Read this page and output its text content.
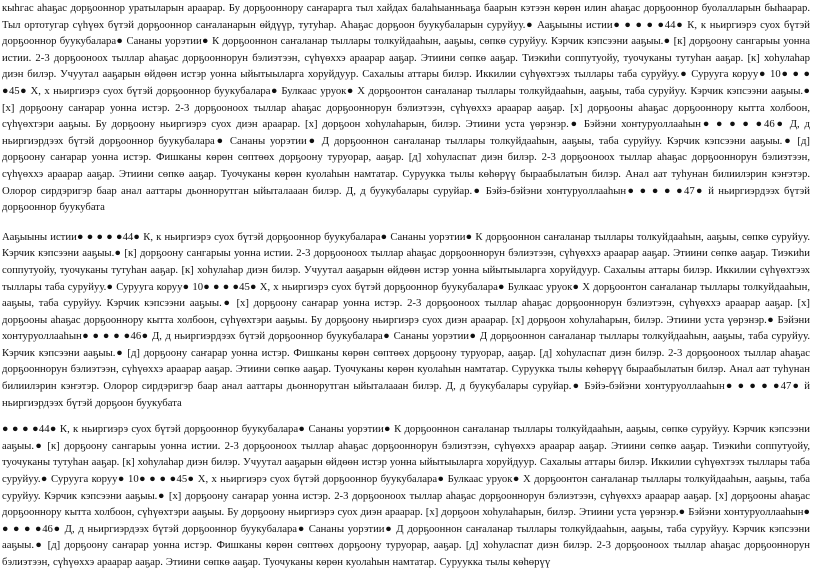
кыһгас аһаҕас дорҕооннор уратыларын араарар. Бу дорҕооннору саҥарарга тыл хайдах балаһыанньаҕа баарын кэтээн көрөн илин аһаҕас дорҕооннор буолалларын быһаарар. Тыл ортотугар сүһүөх бүтэй дорҕооннор саҥаланарын өйдүүр, тутуһар. Аһаҕас дорҕоон буукубаларын суруйуу.● Ааҕыыны истии● ● ● ● ●44● К, к ньиргиэрэ суох бүтэй дорҕооннор буукубалара● Сананы уорэтии● К дорҕооннон саҥаланар тыллары толкуйдааһын, ааҕыы, сөпкө суруйуу. Кэрчик кэпсээни ааҕыы.● [к] дорҕоону сангарыы уонна истии. 2-3 дорҕооноох тыллар аһаҕас дорҕооннорун бэлиэтээн, сүһүөххэ араарар ааҕар. Этиини сөпкө ааҕар. Тиэкиһи соппутуойу, туочуканы тутуһан ааҕар. [к] хоһулаһар диэн билэр. Учуутал ааҕарын өйдөөн истэр уонна ыйытыыларга хоруйдуур. Сахалыы аттары билэр. Иккилии сүһүөхтээх тыллары таба суруйуу.● Сурууга коруу● 10● ● ● ●45● Х, х ньиргиэрэ суох бүтэй дорҕооннор буукубалара● Булкаас уруок● Х дорҕоонтон саҥаланар тыллары толкуйдааһын, ааҕыы, таба суруйуу. Кэрчик кэпсээни ааҕыы.● [х] дорҕоону саҥарар уонна истэр. 2-3 дорҕооноох тыллар аһаҕас дорҕооннорун бэлиэтээн, сүһүөххэ араарар ааҕар. [х] дорҕооны аһаҕас дорҕооннору кытта холбоон, сүһүөхтэри ааҕыы. Бу дорҕоону ньиргиэрэ суох диэн араарар. [х] дорҕоон хоһулаһарын, билэр. Этиини уста үөрэнэр.● Бэйэни хонтуруоллааһын● ● ● ● ●46● Д, д ньиргиэрдээх бүтэй дорҕооннор буукубалара● Сананы уорэтии● Д дорҕооннон саҥаланар тыллары толкуйдааһын, ааҕыы, таба суруйуу. Кэрчик кэпсээни ааҕыы.● [д] дорҕоону саҥарар уонна истэр. Фишканы көрөн сөптөөх дорҕоону туруорар, ааҕар. [д] хоһуласпат диэн билэр. 2-3 дорҕооноох тыллар аһаҕас дорҕооннорун бэлиэтээн, сүһүөххэ араарар ааҕар. Этиини сөпкө ааҕар. Туочуканы көрөн куолаһын намтатар. Суруукка тылы көһөрүү быраабылатын билэр. Анал аат туһунан билиилэрин кэҥэтэр. Олорор сирдэригэр баар анал ааттары дьоннорутган ыйыталааан билэр. Д, д буукубалары суруйар.● Бэйэ-бэйэни хонтуруоллааһын● ● ● ● ●47● й ньиргиэрдээх бүтэй дорҕооннор буукубата

Ааҕыыны истии● ● ● ● ●44● К, к ньиргиэрэ суох бүтэй дорҕооннор буукубалара● Сананы уорэтии● К дорҕооннон саҥаланар тыллары толкуйдааһын, ааҕыы, сөпкө суруйуу. Кэрчик кэпсээни ааҕыы.● [к] дорҕоону сангарыы уонна истии. 2-3 дорҕооноох тыллар аһаҕас дорҕооннорун бэлиэтээн, сүһүөххэ араарар ааҕар. Этиини сөпкө ааҕар. Тиэкиһи соппутуойу, туочуканы тутуһан ааҕар. [к] хоһулаһар диэн билэр. Учуутал ааҕарын өйдөөн истэр уонна ыйытыыларга хоруйдуур. Сахалыы аттары билэр. Иккилии сүһүөхтээх тыллары таба суруйуу.● Сурууга коруу● 10● ● ● ●45● Х, х ньиргиэрэ суох бүтэй дорҕооннор буукубалара● Булкаас уруок● Х дорҕоонтон саҥаланар тыллары толкуйдааһын, ааҕыы, таба суруйуу. Кэрчик кэпсээни ааҕыы.● [х] дорҕоону саҥарар уонна истэр. 2-3 дорҕооноох тыллар аһаҕас дорҕооннорун бэлиэтээн, сүһүөххэ араарар ааҕар. [х] дорҕооны аһаҕас дорҕооннору кытта холбоон, сүһүөхтэри ааҕыы. Бу дорҕоону ньиргиэрэ суох диэн араарар. [х] дорҕоон хоһулаһарын, билэр. Этиини уста үөрэнэр.● Бэйэни хонтуруоллааһын● ● ● ● ●46● Д, д ньиргиэрдээх бүтэй дорҕооннор буукубалара● Сананы уорэтии● Д дорҕооннон саҥаланар тыллары толкуйдааһын, ааҕыы, таба суруйуу. Кэрчик кэпсээни ааҕыы.● [д] дорҕоону саҥарар уонна истэр. Фишканы көрөн сөптөөх дорҕоону туруорар, ааҕар. [д] хоһуласпат диэн билэр. 2-3 дорҕооноох тыллар аһаҕас дорҕооннорун бэлиэтээн, сүһүөххэ араарар ааҕар. Этиини сөпкө ааҕар. Туочуканы көрөн куолаһын намтатар. Суруукка тылы көһөрүү быраабылатын билэр. Анал аат туһунан билиилэрин кэҥэтэр. Олорор сирдэригэр баар анал ааттары дьоннорутган ыйыталааан билэр. Д, д буукубалары суруйар.● Бэйэ-бэйэни хонтуруоллааһын● ● ● ● ●47● й ньиргиэрдээх бүтэй дорҕоон буукубата

● ● ● ●44● К, к ньиргиэрэ суох бүтэй дорҕооннор буукубалара● Сананы уорэтии● К дорҕооннон саҥаланар тыллары толкуйдааһын, ааҕыы, сөпкө суруйуу. Кэрчик кэпсээни ааҕыы.● [к] дорҕоону сангарыы уонна истии. 2-3 дорҕооноох тыллар аһаҕас дорҕооннорун бэлиэтээн, сүһүөххэ араарар ааҕар. Этиини сөпкө ааҕар. Тиэкиһи соппутуойу, туочуканы тутуһан ааҕар. [к] хоһулаһар диэн билэр. Учуутал ааҕарын өйдөөн истэр уонна ыйытыыларга хоруйдуур. Сахалыы аттары билэр. Иккилии сүһүөхтээх тыллары таба суруйуу.● Сурууга коруу● 10● ● ● ●45● Х, х ньиргиэрэ суох бүтэй дорҕооннор буукубалара● Булкаас уруок● Х дорҕоонтон саҥаланар тыллары толкуйдааһын, ааҕыы, таба суруйуу. Кэрчик кэпсээни ааҕыы.● [х] дорҕоону саҥарар уонна истэр. 2-3 дорҕооноох тыллар аһаҕас дорҕооннорун бэлиэтээн, сүһүөххэ араарар ааҕар. [х] дорҕооны аһаҕас дорҕооннору кытта холбоон, сүһүөхтэри ааҕыы. Бу дорҕоону ньиргиэрэ суох диэн араарар. [х] дорҕоон хоһулаһарын, билэр. Этиини уста үөрэнэр.● Бэйэни хонтуруоллааһын● ● ● ● ●46● Д, д ньиргиэрдээх бүтэй дорҕооннор буукубалара● Сананы уорэтии● Д дорҕооннон саҥаланар тыллары толкуйдааһын, ааҕыы, таба суруйуу. Кэрчик кэпсээни ааҕыы.● [д] дорҕоону саҥарар уонна истэр. Фишканы көрөн сөптөөх дорҕоону туруорар, ааҕар. [д] хоһуласпат диэн билэр. 2-3 дорҕооноох тыллар аһаҕас дорҕооннорун бэлиэтээн, сүһүөххэ араарар ааҕар. Этиини сөпкө ааҕар. Туочуканы көрөн куолаһын намтатар. Суруукка тылы көһөрүү
